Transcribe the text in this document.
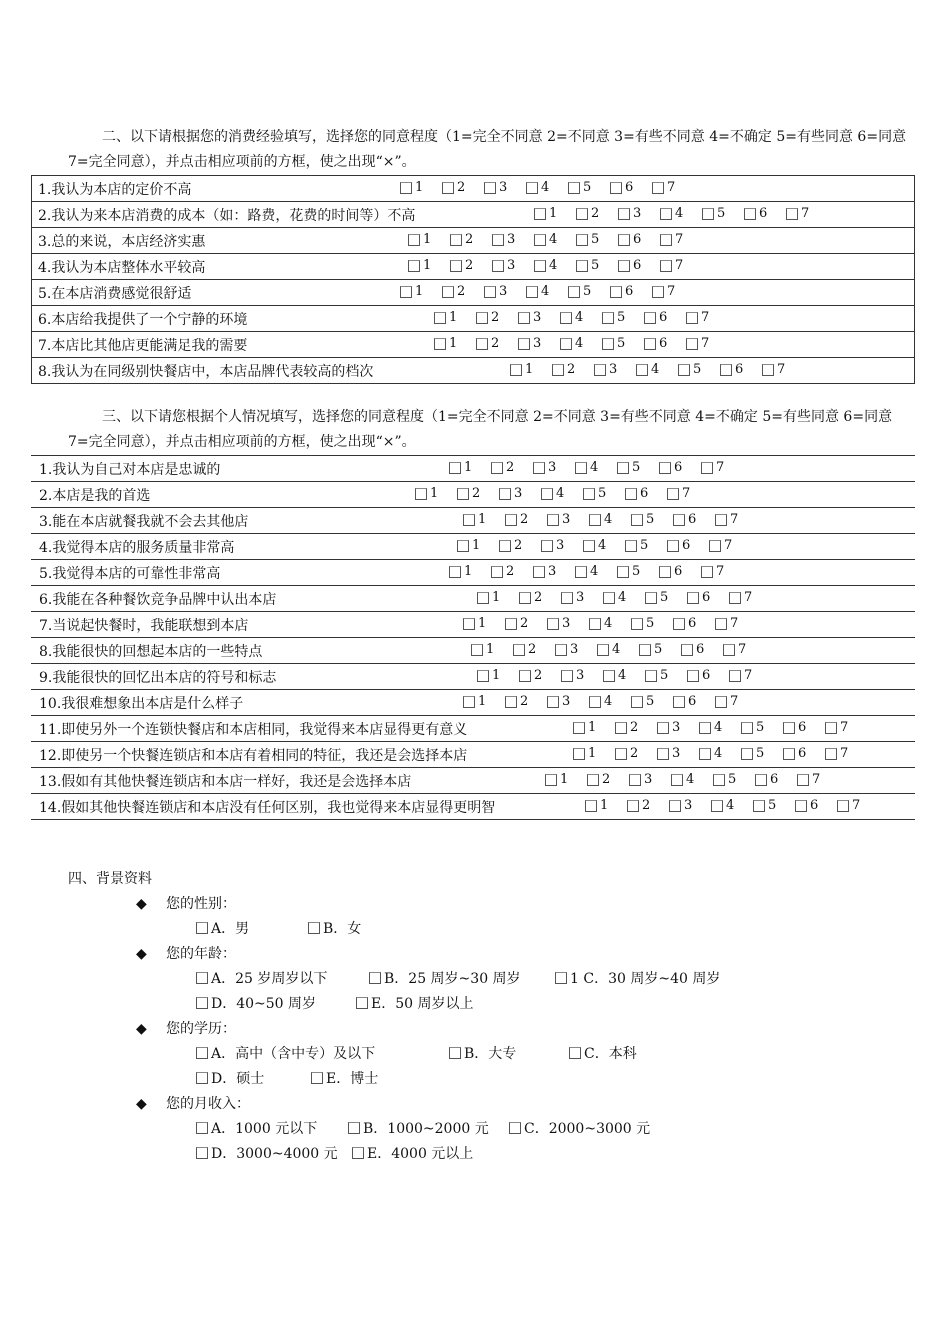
二、以下请根据您的消费经验填写，选择您的同意程度（1=完全不同意 2=不同意 3=有些不同意 4=不确定 5=有些同意 6=同意 7=完全同意），并点击相应项前的方框，使之出现“×”。
1.我认为本店的定价不高	1	2	3	4	5	6	7

2.我认为来本店消费的成本（如：路费，花费的时间等）不高	1	2	3	4	5	6	7

3.总的来说，本店经济实惠	1	2	3	4	5	6	7

4.我认为本店整体水平较高	1	2	3	4	5	6	7

5.在本店消费感觉很舒适	1	2	3	4	5	6	7

6.本店给我提供了一个宁静的环境	1	2	3	4	5	6	7

7.本店比其他店更能满足我的需要	1	2	3	4	5	6	7

8.我认为在同级别快餐店中，本店品牌代表较高的档次	1	2	3	4	5	6	7
三、以下请您根据个人情况填写，选择您的同意程度（1=完全不同意 2=不同意 3=有些不同意 4=不确定 5=有些同意 6=同意 7=完全同意），并点击相应项前的方框，使之出现“×”。
1.我认为自己对本店是忠诚的	1	2	3	4	5	6	7

2.本店是我的首选	1	2	3	4	5	6	7

3.能在本店就餐我就不会去其他店	1	2	3	4	5	6	7

4.我觉得本店的服务质量非常高	1	2	3	4	5	6	7

5.我觉得本店的可靠性非常高	1	2	3	4	5	6	7

6.我能在各种餐饮竞争品牌中认出本店	1	2	3	4	5	6	7

7.当说起快餐时，我能联想到本店	1	2	3	4	5	6	7

8.我能很快的回想起本店的一些特点	1	2	3	4	5	6	7

9.我能很快的回忆出本店的符号和标志	1	2	3	4	5	6	7

10.我很难想象出本店是什么样子	1	2	3	4	5	6	7

11.即使另外一个连锁快餐店和本店相同，我觉得来本店显得更有意义	1	2	3	4	5	6	7

12.即使另一个快餐连锁店和本店有着相同的特征，我还是会选择本店	1	2	3	4	5	6	7

13.假如有其他快餐连锁店和本店一样好，我还是会选择本店	1	2	3	4	5	6	7

14.假如其他快餐连锁店和本店没有任何区别，我也觉得来本店显得更明智	1	2	3	4	5	6	7
四、背景资料
◆ 您的性别：
A．男	B．女
◆ 您的年龄：
A．25 岁周岁以下	B．25 周岁~30 周岁	1 C．30 周岁~40 周岁
D．40~50 周岁	E．50 周岁以上
◆ 您的学历：
A．高中（含中专）及以下	B．大专	C．本科
D．硕士	E．博士
◆ 您的月收入：
A．1000 元以下	B．1000~2000 元	C．2000~3000 元
D．3000~4000 元 E．4000 元以上
